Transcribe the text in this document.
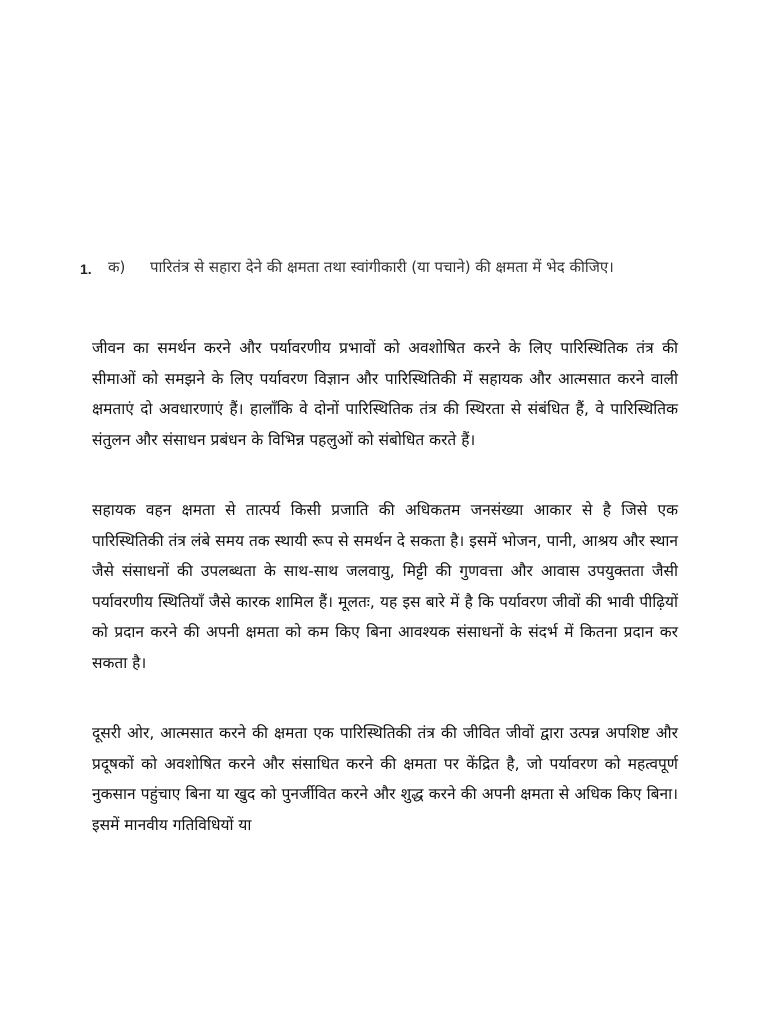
1. क) पारितंत्र से सहारा देने की क्षमता तथा स्वांगीकारी (या पचाने) की क्षमता में भेद कीजिए।

जीवन का समर्थन करने और पर्यावरणीय प्रभावों को अवशोषित करने के लिए पारिस्थितिक तंत्र की सीमाओं को समझने के लिए पर्यावरण विज्ञान और पारिस्थितिकी में सहायक और आत्मसात करने वाली क्षमताएं दो अवधारणाएं हैं। हालाँकि वे दोनों पारिस्थितिक तंत्र की स्थिरता से संबंधित हैं, वे पारिस्थितिक संतुलन और संसाधन प्रबंधन के विभिन्न पहलुओं को संबोधित करते हैं।

सहायक वहन क्षमता से तात्पर्य किसी प्रजाति की अधिकतम जनसंख्या आकार से है जिसे एक पारिस्थितिकी तंत्र लंबे समय तक स्थायी रूप से समर्थन दे सकता है। इसमें भोजन, पानी, आश्रय और स्थान जैसे संसाधनों की उपलब्धता के साथ-साथ जलवायु, मिट्टी की गुणवत्ता और आवास उपयुक्तता जैसी पर्यावरणीय स्थितियाँ जैसे कारक शामिल हैं। मूलतः, यह इस बारे में है कि पर्यावरण जीवों की भावी पीढ़ियों को प्रदान करने की अपनी क्षमता को कम किए बिना आवश्यक संसाधनों के संदर्भ में कितना प्रदान कर सकता है।

दूसरी ओर, आत्मसात करने की क्षमता एक पारिस्थितिकी तंत्र की जीवित जीवों द्वारा उत्पन्न अपशिष्ट और प्रदूषकों को अवशोषित करने और संसाधित करने की क्षमता पर केंद्रित है, जो पर्यावरण को महत्वपूर्ण नुकसान पहुंचाए बिना या खुद को पुनर्जीवित करने और शुद्ध करने की अपनी क्षमता से अधिक किए बिना। इसमें मानवीय गतिविधियों या
